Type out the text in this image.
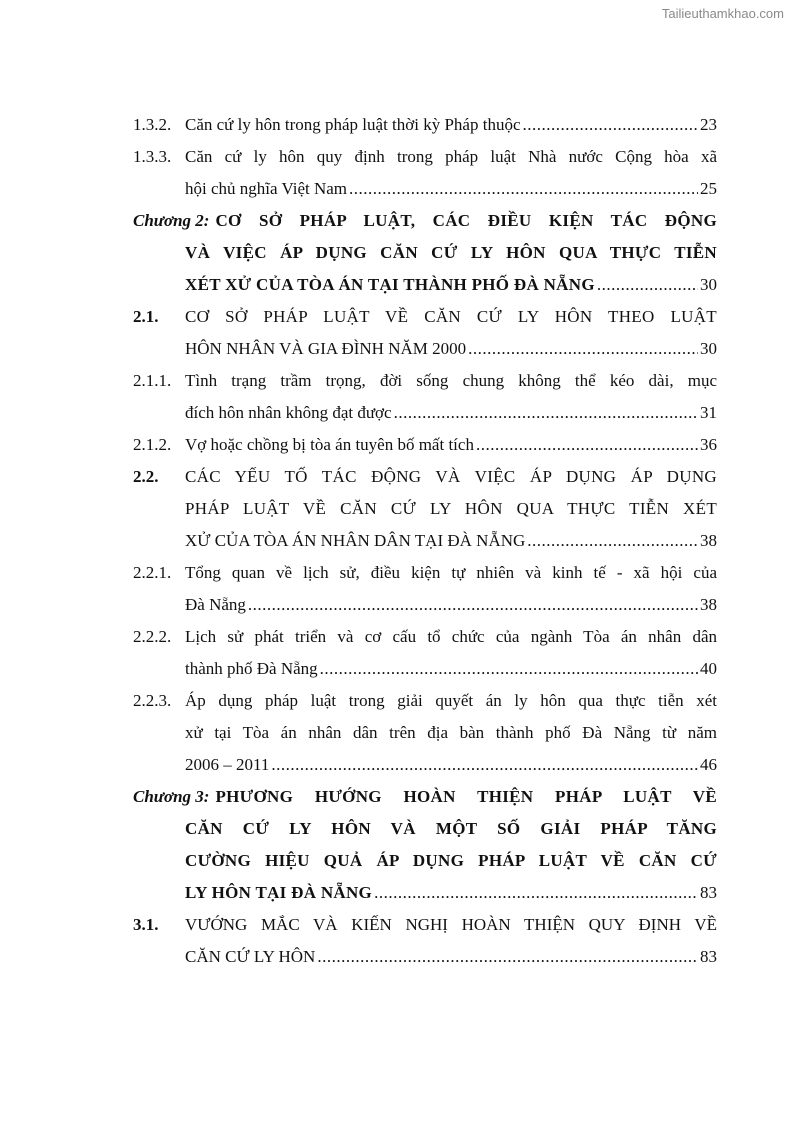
Tailieuthamkhao.com
1.3.2. Căn cứ ly hôn trong pháp luật thời kỳ Pháp thuộc .....	23
1.3.3. Căn cứ ly hôn quy định trong pháp luật Nhà nước Cộng hòa xã
hội chủ nghĩa Việt Nam .....	25
Chương 2: CƠ SỞ PHÁP LUẬT, CÁC ĐIỀU KIỆN TÁC ĐỘNG
VÀ VIỆC ÁP DỤNG CĂN CỨ LY HÔN QUA THỰC TIỄN
XÉT XỬ CỦA TÒA ÁN TẠI THÀNH PHỐ ĐÀ NẴNG .....	30
2.1.	CƠ SỞ PHÁP LUẬT VỀ CĂN CỨ LY HÔN THEO LUẬT
HÔN NHÂN VÀ GIA ĐÌNH NĂM 2000 .....	30
2.1.1. Tình trạng trầm trọng, đời sống chung không thể kéo dài, mục
đích hôn nhân không đạt được .....	31
2.1.2. Vợ hoặc chồng bị tòa án tuyên bố mất tích .....	36
2.2.	CÁC YẾU TỐ TÁC ĐỘNG VÀ VIỆC ÁP DỤNG ÁP DỤNG
PHÁP LUẬT VỀ CĂN CỨ LY HÔN QUA THỰC TIỄN XÉT
XỬ CỦA TÒA ÁN NHÂN DÂN TẠI ĐÀ NẴNG .....	38
2.2.1. Tổng quan về lịch sử, điều kiện tự nhiên và kinh tế - xã hội của
Đà Nẵng .....	38
2.2.2. Lịch sử phát triển và cơ cấu tổ chức của ngành Tòa án nhân dân
thành phố Đà Nẵng .....	40
2.2.3. Áp dụng pháp luật trong giải quyết án ly hôn qua thực tiễn xét
xử tại Tòa án nhân dân trên địa bàn thành phố Đà Nẵng từ năm
2006 – 2011 .....	46
Chương 3: PHƯƠNG HƯỚNG HOÀN THIỆN PHÁP LUẬT VỀ
CĂN CỨ LY HÔN VÀ MỘT SỐ GIẢI PHÁP TĂNG
CƯỜNG HIỆU QUẢ ÁP DỤNG PHÁP LUẬT VỀ CĂN CỨ
LY HÔN TẠI ĐÀ NẴNG .....	83
3.1.	VƯỚNG MẮC VÀ KIẾN NGHỊ HOÀN THIỆN QUY ĐỊNH VỀ
CĂN CỨ LY HÔN .....	83
